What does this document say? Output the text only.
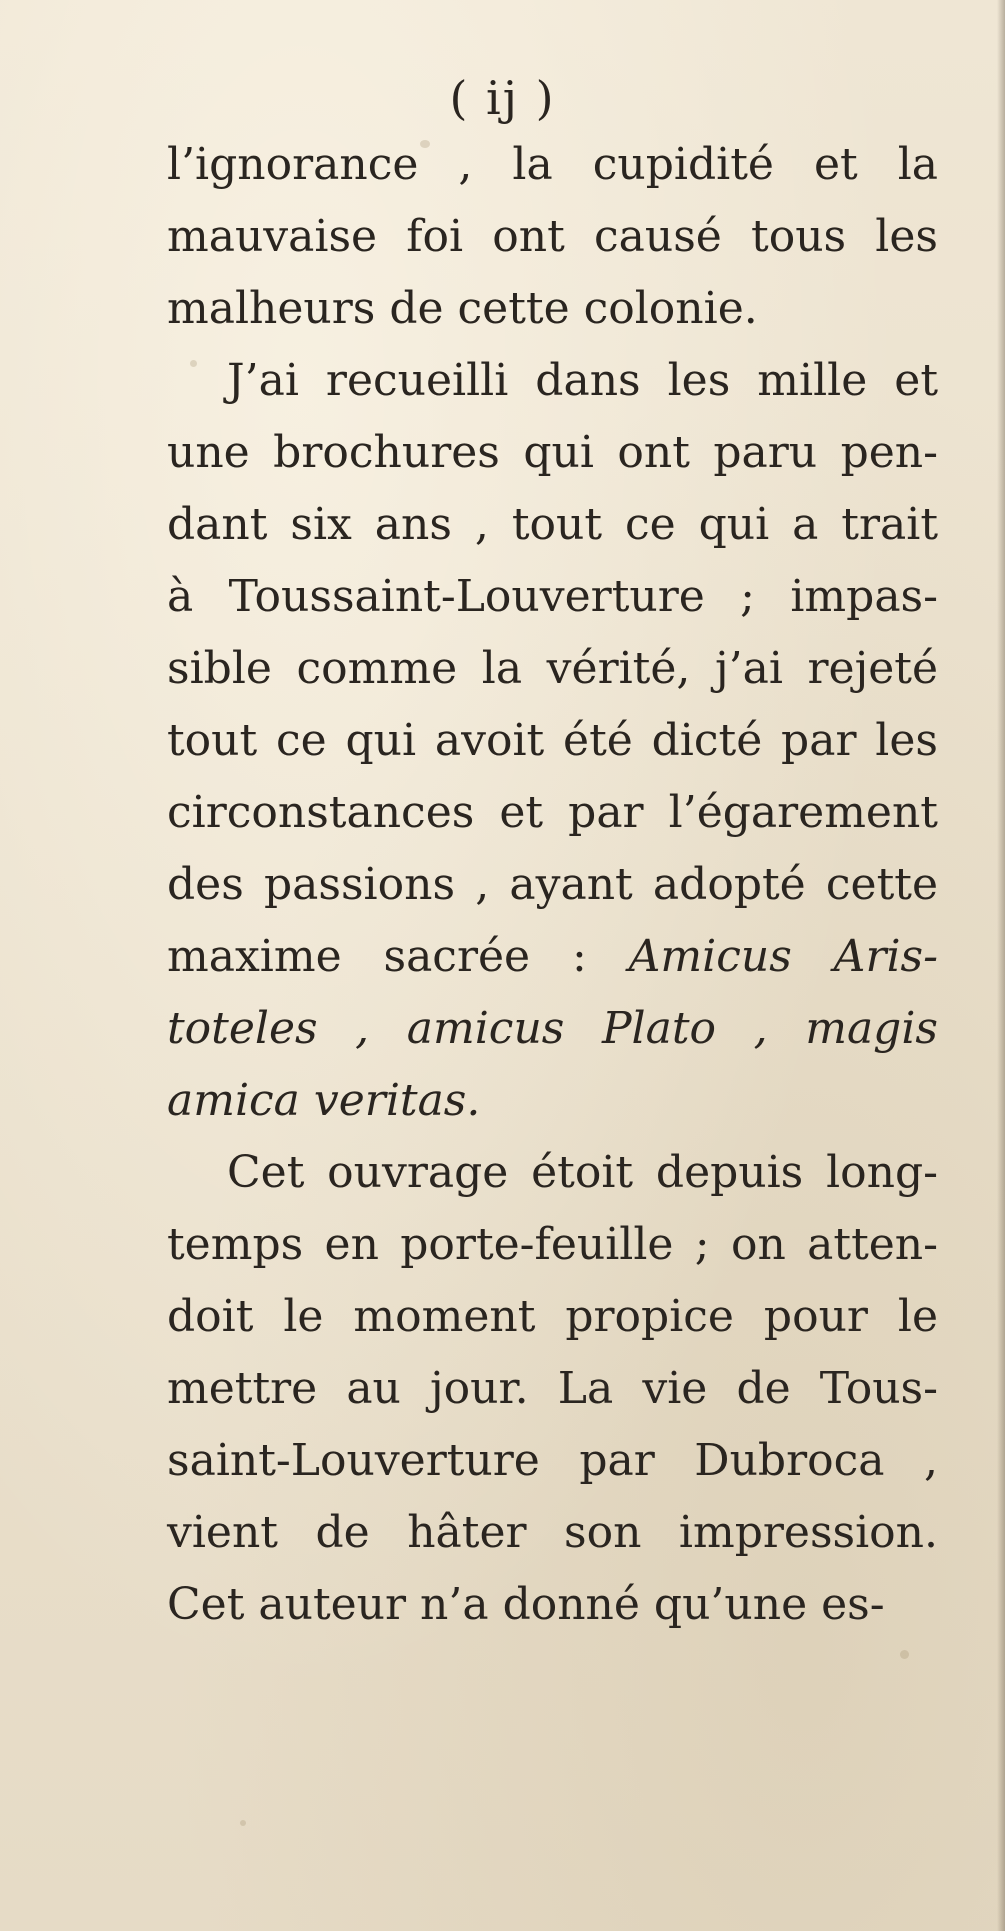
( ij )
l’ignorance , la cupidité et la
mauvaise foi ont causé tous les
malheurs de cette colonie.
J’ai recueilli dans les mille et
une brochures qui ont paru pen-
dant six ans , tout ce qui a trait
à Toussaint-Louverture ; impas-
sible comme la vérité, j’ai rejeté
tout ce qui avoit été dicté par les
circonstances et par l’égarement
des passions , ayant adopté cette
maxime sacrée : Amicus Aris-
toteles , amicus Plato , magis
amica veritas.
Cet ouvrage étoit depuis long-
temps en porte-feuille ; on atten-
doit le moment propice pour le
mettre au jour. La vie de Tous-
saint-Louverture par Dubroca ,
vient de hâter son impression.
Cet auteur n’a donné qu’une es-
